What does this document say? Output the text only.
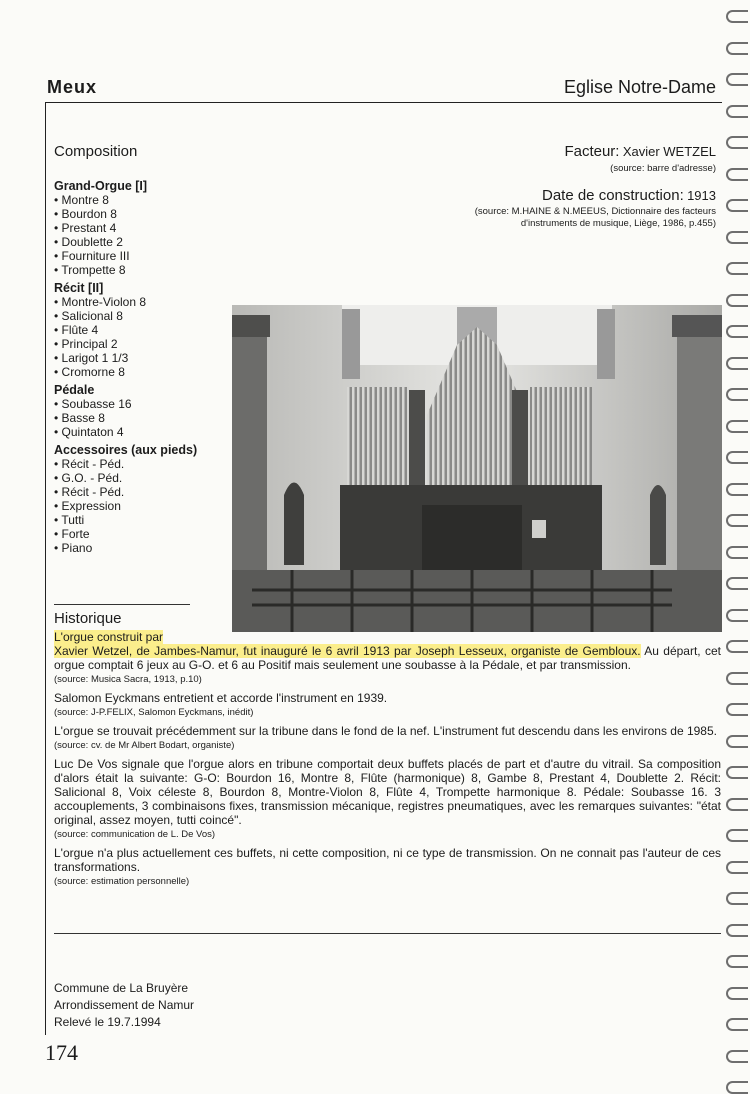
Meux	Eglise Notre-Dame
Composition
Grand-Orgue [I]
• Montre 8
• Bourdon 8
• Prestant 4
• Doublette 2
• Fourniture III
• Trompette 8
Récit [II]
• Montre-Violon 8
• Salicional 8
• Flûte 4
• Principal 2
• Larigot 1 1/3
• Cromorne 8
Pédale
• Soubasse 16
• Basse 8
• Quintaton 4
Accessoires (aux pieds)
• Récit - Péd.
• G.O. - Péd.
• Récit - Péd.
• Expression
• Tutti
• Forte
• Piano
Facteur: Xavier WETZEL
(source: barre d'adresse)
Date de construction: 1913
(source: M.HAINE & N.MEEUS, Dictionnaire des facteurs
d'instruments de musique, Liège, 1986, p.455)
Historique

L'orgue construit par
Xavier Wetzel, de Jambes-Namur, fut inauguré le 6 avril 1913 par Joseph Lesseux, organiste de Gembloux. Au départ, cet orgue comptait 6 jeux au G-O. et 6 au Positif mais seulement une soubasse à la Pédale, et par transmission.
(source: Musica Sacra, 1913, p.10)

Salomon Eyckmans entretient et accorde l'instrument en 1939.
(source: J-P.FELIX, Salomon Eyckmans, inédit)

L'orgue se trouvait précédemment sur la tribune dans le fond de la nef. L'instrument fut descendu dans les environs de 1985.
(source: cv. de Mr Albert Bodart, organiste)

Luc De Vos signale que l'orgue alors en tribune comportait deux buffets placés de part et d'autre du vitrail. Sa composition d'alors était la suivante: G-O: Bourdon 16, Montre 8, Flûte (harmonique) 8, Gambe 8, Prestant 4, Doublette 2. Récit: Salicional 8, Voix céleste 8, Bourdon 8, Montre-Violon 8, Flûte 4, Trompette harmonique 8. Pédale: Soubasse 16. 3 accouplements, 3 combinaisons fixes, transmission mécanique, registres pneumatiques, avec les remarques suivantes: "état original, assez moyen, tutti coincé".
(source: communication de L. De Vos)

L'orgue n'a plus actuellement ces buffets, ni cette composition, ni ce type de transmission. On ne connait pas l'auteur de ces transformations.
(source: estimation personnelle)

Commune de La Bruyère
Arrondissement de Namur
Relevé le 19.7.1994
174
